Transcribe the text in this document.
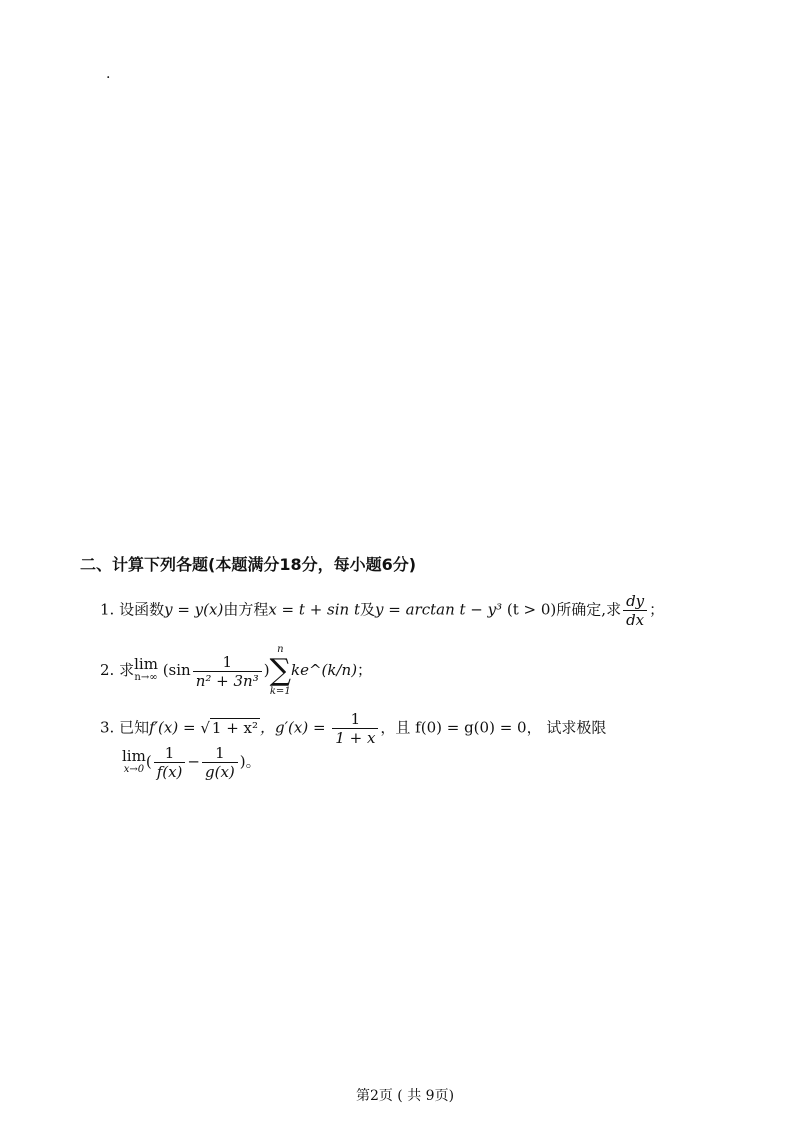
.
二、计算下列各题(本题满分18分，每小题6分)
1. 设函数y = y(x)由方程x = t + sin t及y = arctan t − y³ (t > 0)所确定,求 $\frac{dy}{dx}$ ；
2. 求lim
n→∞ ($\sin \frac{1}{\text{n² + 3n³}}$ )
n
∑
k=1
ke^(k/n)；
3. 已知f′(x) = √ 1 + x² ，$g'(x) = \frac{1}{1 + x}$ ，且 f(0) = g(0) = 0， 试求极限
lim
x→0 ( $\frac{1}{f(x)} - \frac{1}{g(x)}$ )。
第2页 ( 共 9页)
